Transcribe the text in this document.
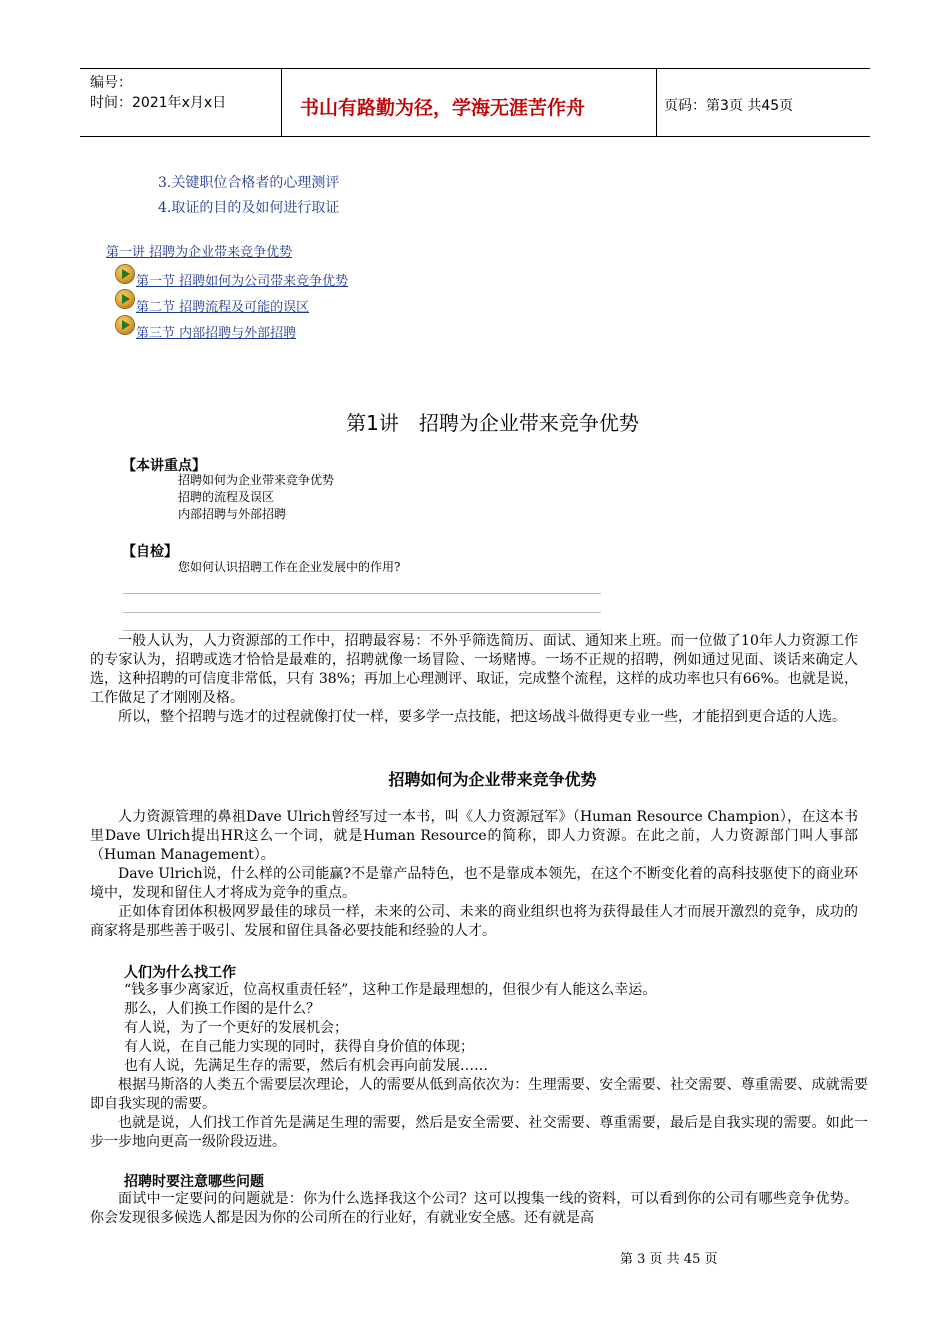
编号：
时间：2021年x月x日	书山有路勤为径，学海无涯苦作舟	页码：第3页 共45页
3.关键职位合格者的心理测评
4.取证的目的及如何进行取证
第一讲 招聘为企业带来竞争优势
第一节 招聘如何为公司带来竞争优势
第二节 招聘流程及可能的误区
第三节 内部招聘与外部招聘
第1讲　招聘为企业带来竞争优势
【本讲重点】
招聘如何为企业带来竞争优势
招聘的流程及误区
内部招聘与外部招聘
【自检】
您如何认识招聘工作在企业发展中的作用?

一般人认为，人力资源部的工作中，招聘最容易：不外乎筛选简历、面试、通知来上班。而一位做了10年人力资源工作的专家认为，招聘或选才恰恰是最难的，招聘就像一场冒险、一场赌博。一场不正规的招聘，例如通过见面、谈话来确定人选，这种招聘的可信度非常低，只有 38%；再加上心理测评、取证，完成整个流程，这样的成功率也只有66%。也就是说，工作做足了才刚刚及格。

所以，整个招聘与选才的过程就像打仗一样，要多学一点技能，把这场战斗做得更专业一些，才能招到更合适的人选。

招聘如何为企业带来竞争优势

人力资源管理的鼻祖Dave Ulrich曾经写过一本书，叫《人力资源冠军》（Human Resource Champion），在这本书里Dave Ulrich提出HR这么一个词，就是Human Resource的简称，即人力资源。在此之前，人力资源部门叫人事部（Human Management）。

Dave Ulrich说，什么样的公司能赢?不是靠产品特色，也不是靠成本领先，在这个不断变化着的高科技驱使下的商业环境中，发现和留住人才将成为竞争的重点。

正如体育团体积极网罗最佳的球员一样，未来的公司、未来的商业组织也将为获得最佳人才而展开激烈的竞争，成功的商家将是那些善于吸引、发展和留住具备必要技能和经验的人才。

人们为什么找工作
“钱多事少离家近，位高权重责任轻”，这种工作是最理想的，但很少有人能这么幸运。
那么，人们换工作图的是什么？
有人说，为了一个更好的发展机会；
有人说，在自己能力实现的同时，获得自身价值的体现；
也有人说，先满足生存的需要，然后有机会再向前发展……

根据马斯洛的人类五个需要层次理论，人的需要从低到高依次为：生理需要、安全需要、社交需要、尊重需要、成就需要即自我实现的需要。

也就是说，人们找工作首先是满足生理的需要，然后是安全需要、社交需要、尊重需要，最后是自我实现的需要。如此一步一步地向更高一级阶段迈进。

招聘时要注意哪些问题

面试中一定要问的问题就是：你为什么选择我这个公司？这可以搜集一线的资料，可以看到你的公司有哪些竞争优势。你会发现很多候选人都是因为你的公司所在的行业好，有就业安全感。还有就是高

第 3 页 共 45 页
